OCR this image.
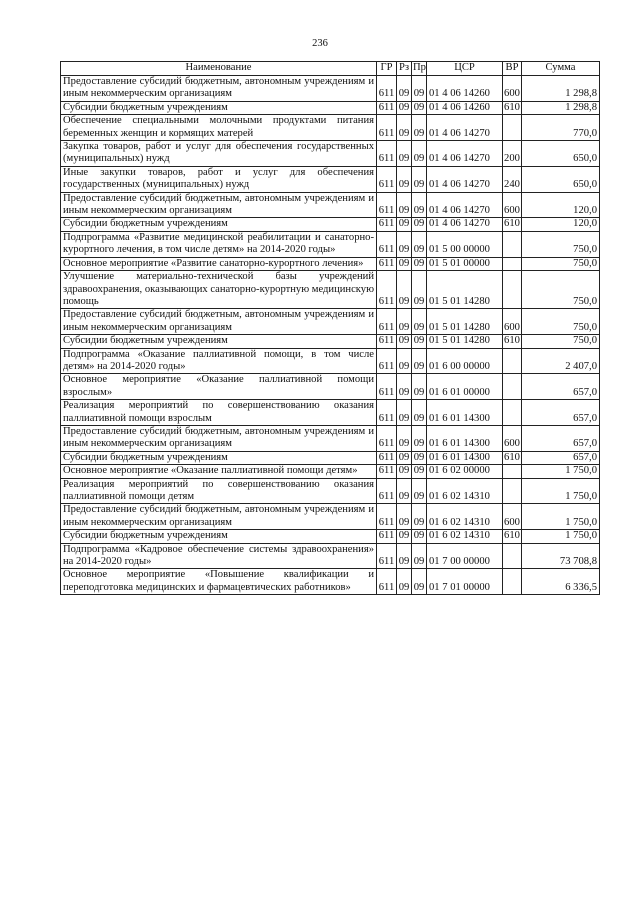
236
Наименование	ГР	Рз	Пр	ЦСР	ВР	Сумма
Предоставление субсидий бюджетным, автономным учреждениям и иным некоммерческим организациям	611	09	09	01 4 06 14260	600	1 298,8
Субсидии бюджетным учреждениям	611	09	09	01 4 06 14260	610	1 298,8
Обеспечение специальными молочными продуктами питания беременных женщин и кормящих матерей	611	09	09	01 4 06 14270		770,0
Закупка товаров, работ и услуг для обеспечения государственных (муниципальных) нужд	611	09	09	01 4 06 14270	200	650,0
Иные закупки товаров, работ и услуг для обеспечения государственных (муниципальных) нужд	611	09	09	01 4 06 14270	240	650,0
Предоставление субсидий бюджетным, автономным учреждениям и иным некоммерческим организациям	611	09	09	01 4 06 14270	600	120,0
Субсидии бюджетным учреждениям	611	09	09	01 4 06 14270	610	120,0
Подпрограмма «Развитие медицинской реабилитации и санаторно-курортного лечения, в том числе детям» на 2014-2020 годы»	611	09	09	01 5 00 00000		750,0
Основное мероприятие «Развитие санаторно-курортного лечения»	611	09	09	01 5 01 00000		750,0
Улучшение материально-технической базы учреждений здравоохранения, оказывающих санаторно-курортную медицинскую помощь	611	09	09	01 5 01 14280		750,0
Предоставление субсидий бюджетным, автономным учреждениям и иным некоммерческим организациям	611	09	09	01 5 01 14280	600	750,0
Субсидии бюджетным учреждениям	611	09	09	01 5 01 14280	610	750,0
Подпрограмма «Оказание паллиативной помощи, в том числе детям» на 2014-2020 годы»	611	09	09	01 6 00 00000		2 407,0
Основное мероприятие «Оказание паллиативной помощи взрослым»	611	09	09	01 6 01 00000		657,0
Реализация мероприятий по совершенствованию оказания паллиативной помощи взрослым	611	09	09	01 6 01 14300		657,0
Предоставление субсидий бюджетным, автономным учреждениям и иным некоммерческим организациям	611	09	09	01 6 01 14300	600	657,0
Субсидии бюджетным учреждениям	611	09	09	01 6 01 14300	610	657,0
Основное мероприятие «Оказание паллиативной помощи детям»	611	09	09	01 6 02 00000		1 750,0
Реализация мероприятий по совершенствованию оказания паллиативной помощи детям	611	09	09	01 6 02 14310		1 750,0
Предоставление субсидий бюджетным, автономным учреждениям и иным некоммерческим организациям	611	09	09	01 6 02 14310	600	1 750,0
Субсидии бюджетным учреждениям	611	09	09	01 6 02 14310	610	1 750,0
Подпрограмма «Кадровое обеспечение системы здравоохранения» на 2014-2020 годы»	611	09	09	01 7 00 00000		73 708,8
Основное мероприятие «Повышение квалификации и переподготовка медицинских и фармацевтических работников»	611	09	09	01 7 01 00000		6 336,5
